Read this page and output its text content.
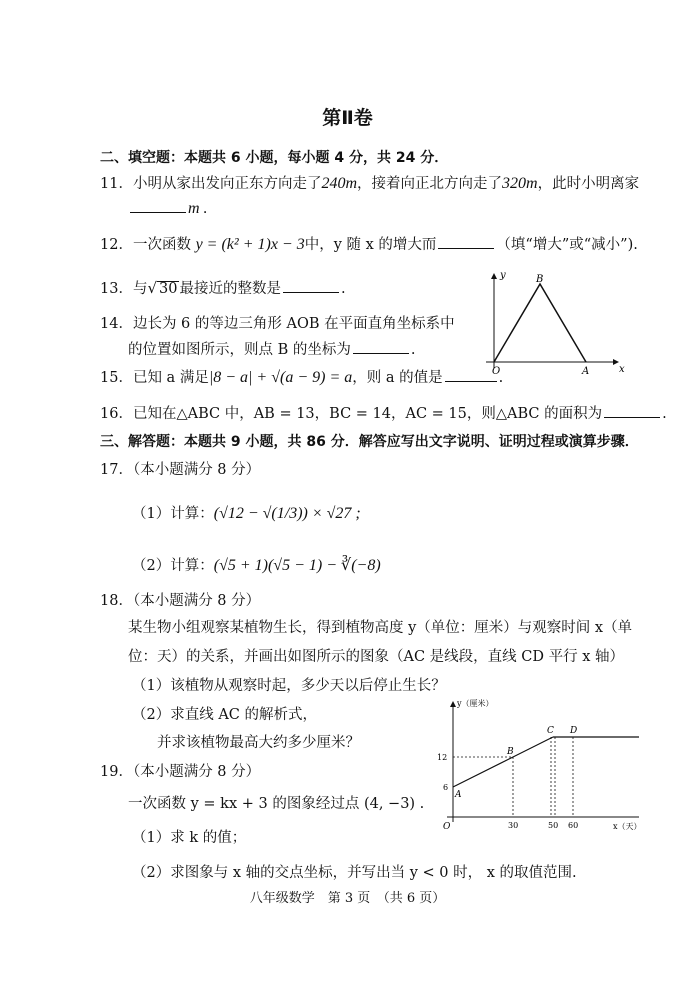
第Ⅱ卷
二、填空题：本题共 6 小题，每小题 4 分，共 24 分．
11．小明从家出发向正东方向走了240m，接着向正北方向走了320m，此时小明离家
m .
12．一次函数 y = (k² + 1)x − 3中，y 随 x 的增大而	（填“增大”或“减小”).
13．与√ 30 最接近的整数是	.
14．边长为 6 的等边三角形 AOB 在平面直角坐标系中
的位置如图所示，则点 B 的坐标为	.
15．已知 a 满足|8 − a| + √(a − 9) = a，则 a 的值是	.
16．已知在△ABC 中，AB = 13，BC = 14，AC = 15，则△ABC 的面积为	.
三、解答题：本题共 9 小题，共 86 分．解答应写出文字说明、证明过程或演算步骤．
17．（本小题满分 8 分）
（1）计算：(√12 − √(1/3)) × √27 ;
（2）计算：(√5 + 1)(√5 − 1) − ∛(−8)
18．（本小题满分 8 分）
某生物小组观察某植物生长，得到植物高度 y（单位：厘米）与观察时间 x（单
位：天）的关系，并画出如图所示的图象（AC 是线段，直线 CD 平行 x 轴）
（1）该植物从观察时起，多少天以后停止生长？
（2）求直线 AC 的解析式，
并求该植物最高大约多少厘米？
19．（本小题满分 8 分）
一次函数 y = kx + 3 的图象经过点 (4, −3) .
（1）求 k 的值；
（2）求图象与 x 轴的交点坐标，并写出当 y < 0 时， x 的取值范围.
y
x
O	A
B
y（厘米）
x（天）
O
A
B
C D
12
6
30	50 60
八年级数学　第 3 页　（共 6 页）
